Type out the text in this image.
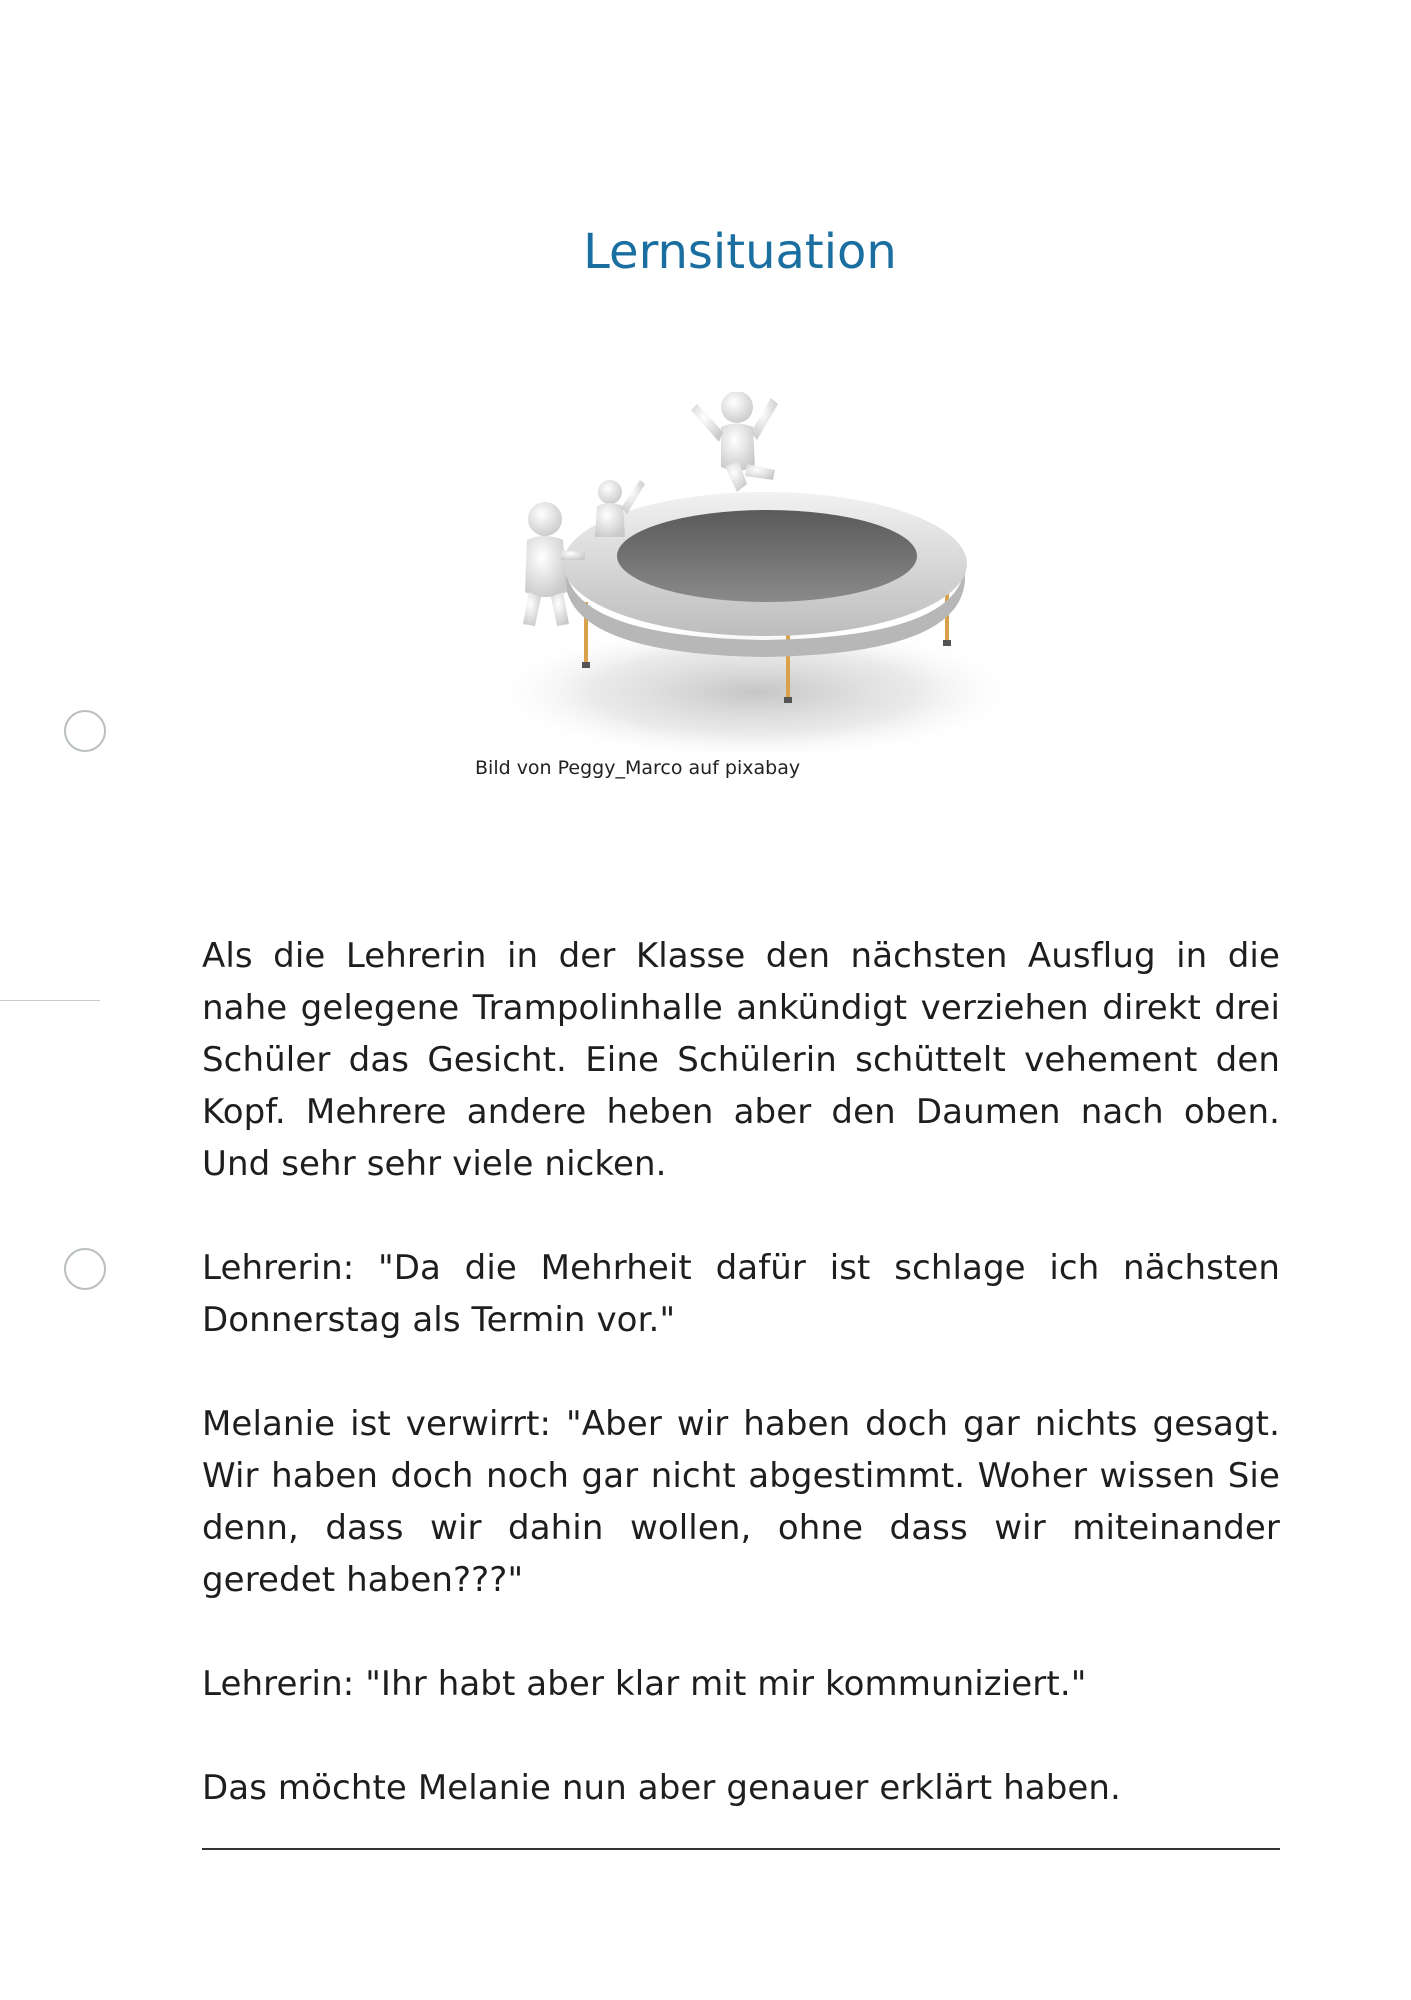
Lernsituation
Bild von Peggy_Marco auf pixabay

Als die Lehrerin in der Klasse den nächsten Ausflug in die nahe gelegene Trampolinhalle ankündigt verziehen direkt drei Schüler das Gesicht. Eine Schülerin schüttelt vehement den Kopf. Mehrere andere heben aber den Daumen nach oben. Und sehr sehr viele nicken.

Lehrerin: "Da die Mehrheit dafür ist schlage ich nächsten Donnerstag als Termin vor."

Melanie ist verwirrt: "Aber wir haben doch gar nichts gesagt. Wir haben doch noch gar nicht abgestimmt. Woher wissen Sie denn, dass wir dahin wollen, ohne dass wir miteinander geredet haben???"

Lehrerin: "Ihr habt aber klar mit mir kommuniziert."

Das möchte Melanie nun aber genauer erklärt haben.
